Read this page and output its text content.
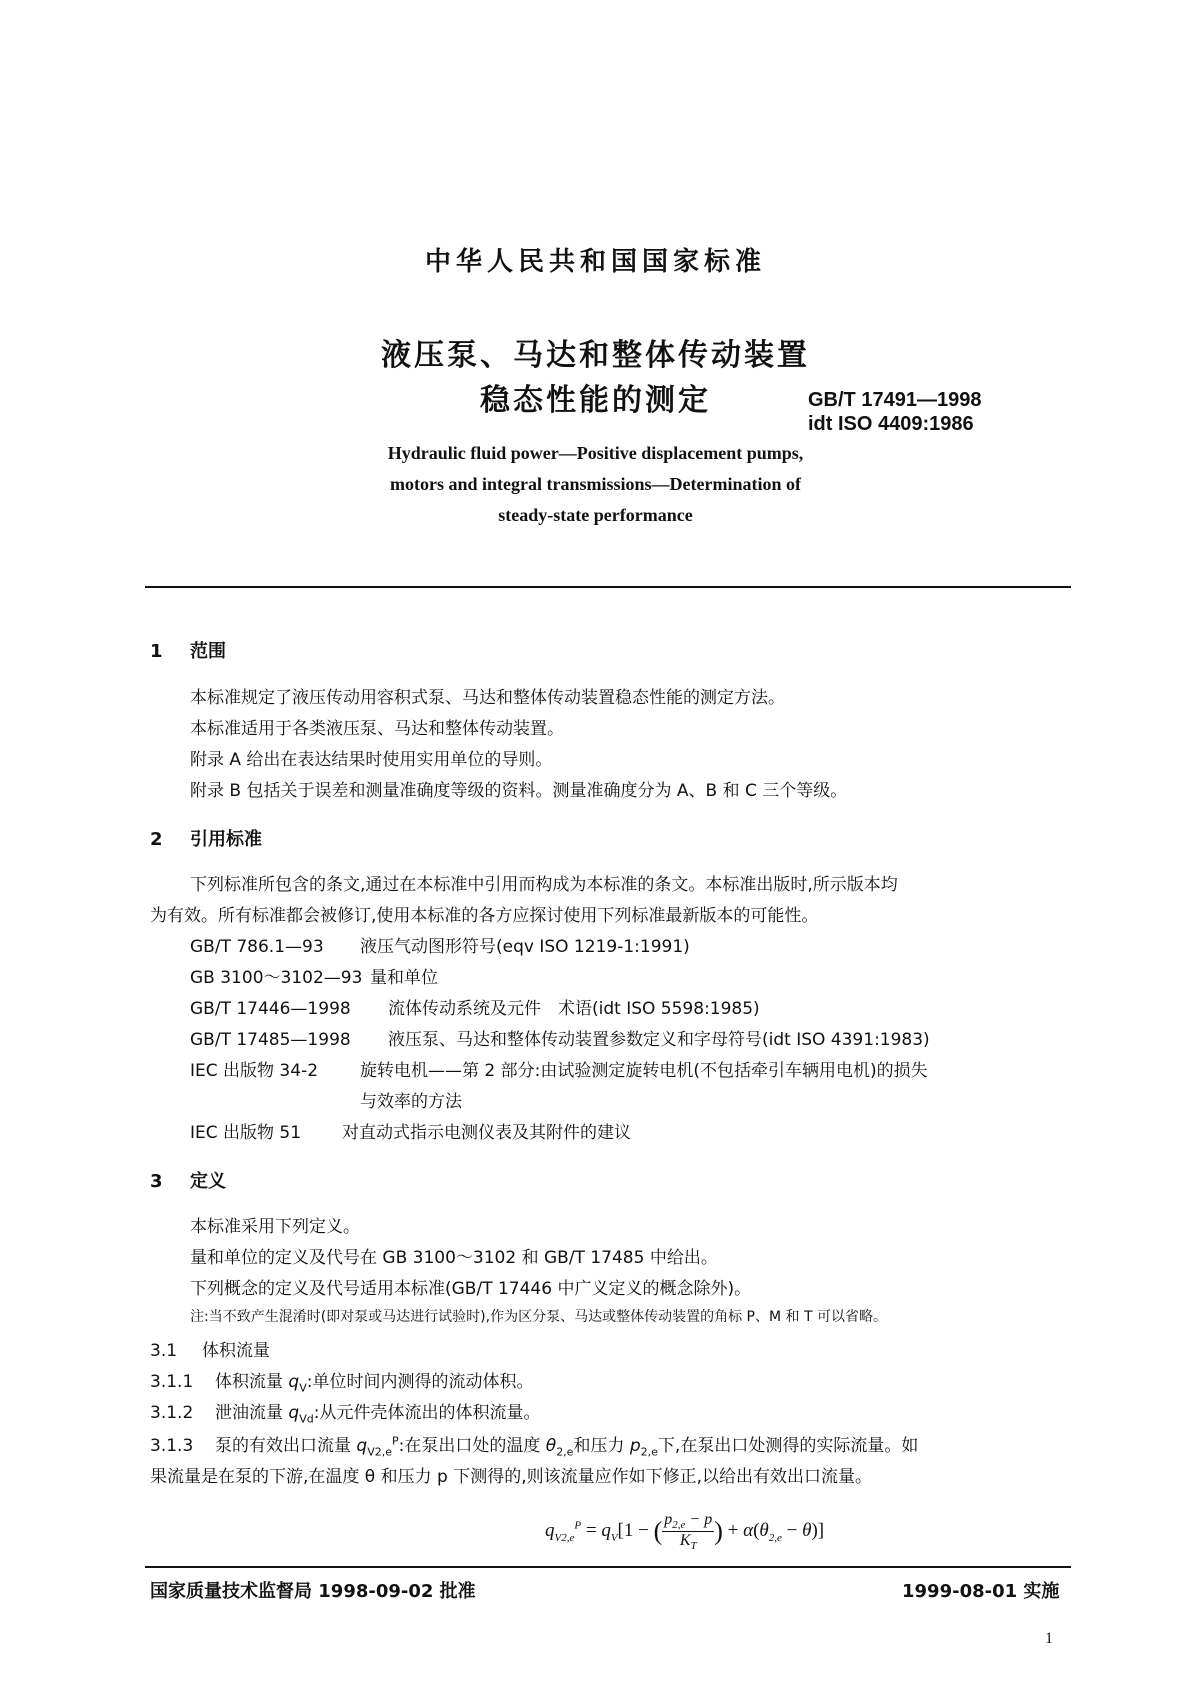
中华人民共和国国家标准
液压泵、马达和整体传动装置
稳态性能的测定	GB/T 17491—1998
idt ISO 4409:1986
Hydraulic fluid power—Positive displacement pumps,
motors and integral transmissions—Determination of
steady-state performance
1 范围
本标准规定了液压传动用容积式泵、马达和整体传动装置稳态性能的测定方法。
本标准适用于各类液压泵、马达和整体传动装置。
附录 A 给出在表达结果时使用实用单位的导则。
附录 B 包括关于误差和测量准确度等级的资料。测量准确度分为 A、B 和 C 三个等级。
2 引用标准
下列标准所包含的条文,通过在本标准中引用而构成为本标准的条文。本标准出版时,所示版本均
为有效。所有标准都会被修订,使用本标准的各方应探讨使用下列标准最新版本的可能性。
GB/T 786.1—93 液压气动图形符号(eqv ISO 1219-1:1991)
GB 3100～3102—93 量和单位
GB/T 17446—1998 流体传动系统及元件　术语(idt ISO 5598:1985)
GB/T 17485—1998 液压泵、马达和整体传动装置参数定义和字母符号(idt ISO 4391:1983)
IEC 出版物 34-2 旋转电机——第 2 部分:由试验测定旋转电机(不包括牵引车辆用电机)的损失
与效率的方法
IEC 出版物 51 对直动式指示电测仪表及其附件的建议
3 定义
本标准采用下列定义。
量和单位的定义及代号在 GB 3100～3102 和 GB/T 17485 中给出。
下列概念的定义及代号适用本标准(GB/T 17446 中广义定义的概念除外)。
注:当不致产生混淆时(即对泵或马达进行试验时),作为区分泵、马达或整体传动装置的角标 P、M 和 T 可以省略。
3.1 体积流量
3.1.1 体积流量 $q_V$:单位时间内测得的流动体积。
3.1.2 泄油流量 $q_{Vd}$:从元件壳体流出的体积流量。
3.1.3 泵的有效出口流量 $q_{V2,e}^P$:在泵出口处的温度 $\theta_{2,e}$和压力 $p_{2,e}$下,在泵出口处测得的实际流量。如
果流量是在泵的下游,在温度 θ 和压力 p 下测得的,则该流量应作如下修正,以给出有效出口流量。
$q_{V2,e}^P = q_V[1$ − ( $\frac{p_{2,e} - p}{K_T}$ ) + $\alpha(\theta_{2,e} - \theta)$]
国家质量技术监督局 1998-09-02 批准	1999-08-01 实施
1
